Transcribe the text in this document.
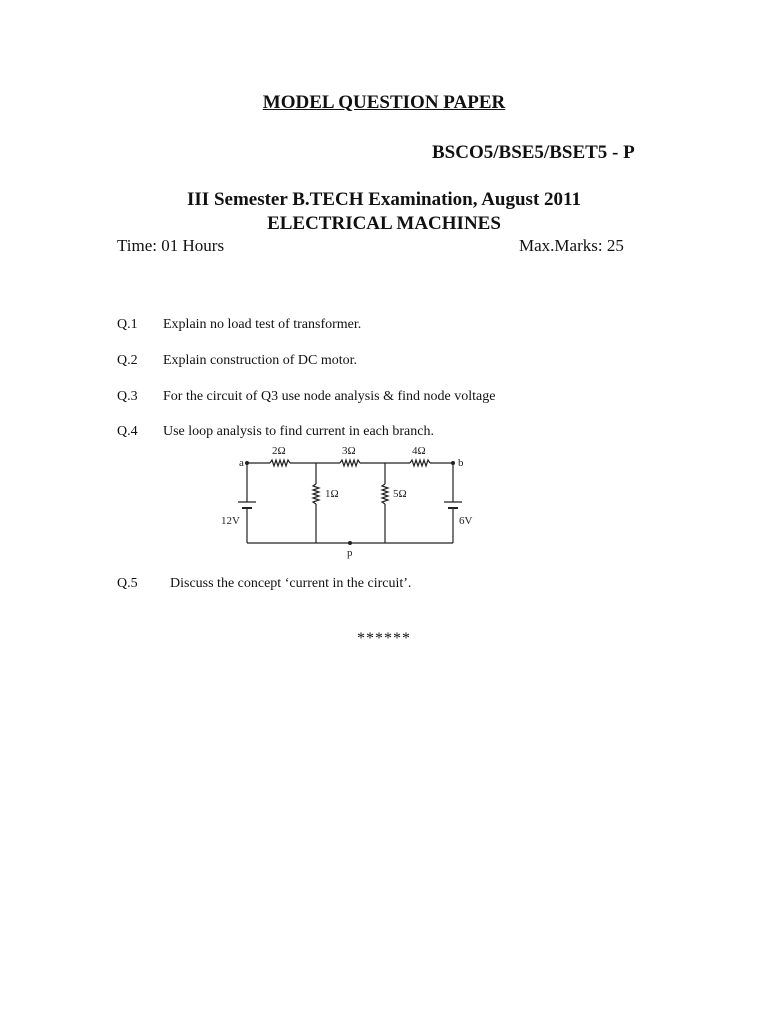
MODEL QUESTION PAPER
BSCO5/BSE5/BSET5 - P
III Semester B.TECH Examination, August 2011
ELECTRICAL MACHINES
Time: 01 Hours	Max.Marks: 25
Q.1 Explain no load test of transformer.
Q.2 Explain construction of DC motor.
Q.3 For the circuit of Q3 use node analysis & find node voltage
Q.4 Use loop analysis to find current in each branch.
a	b
p
2Ω	3Ω	4Ω
1Ω	5Ω
12V	6V
Q.5 Discuss the concept ‘current in the circuit’.
******
